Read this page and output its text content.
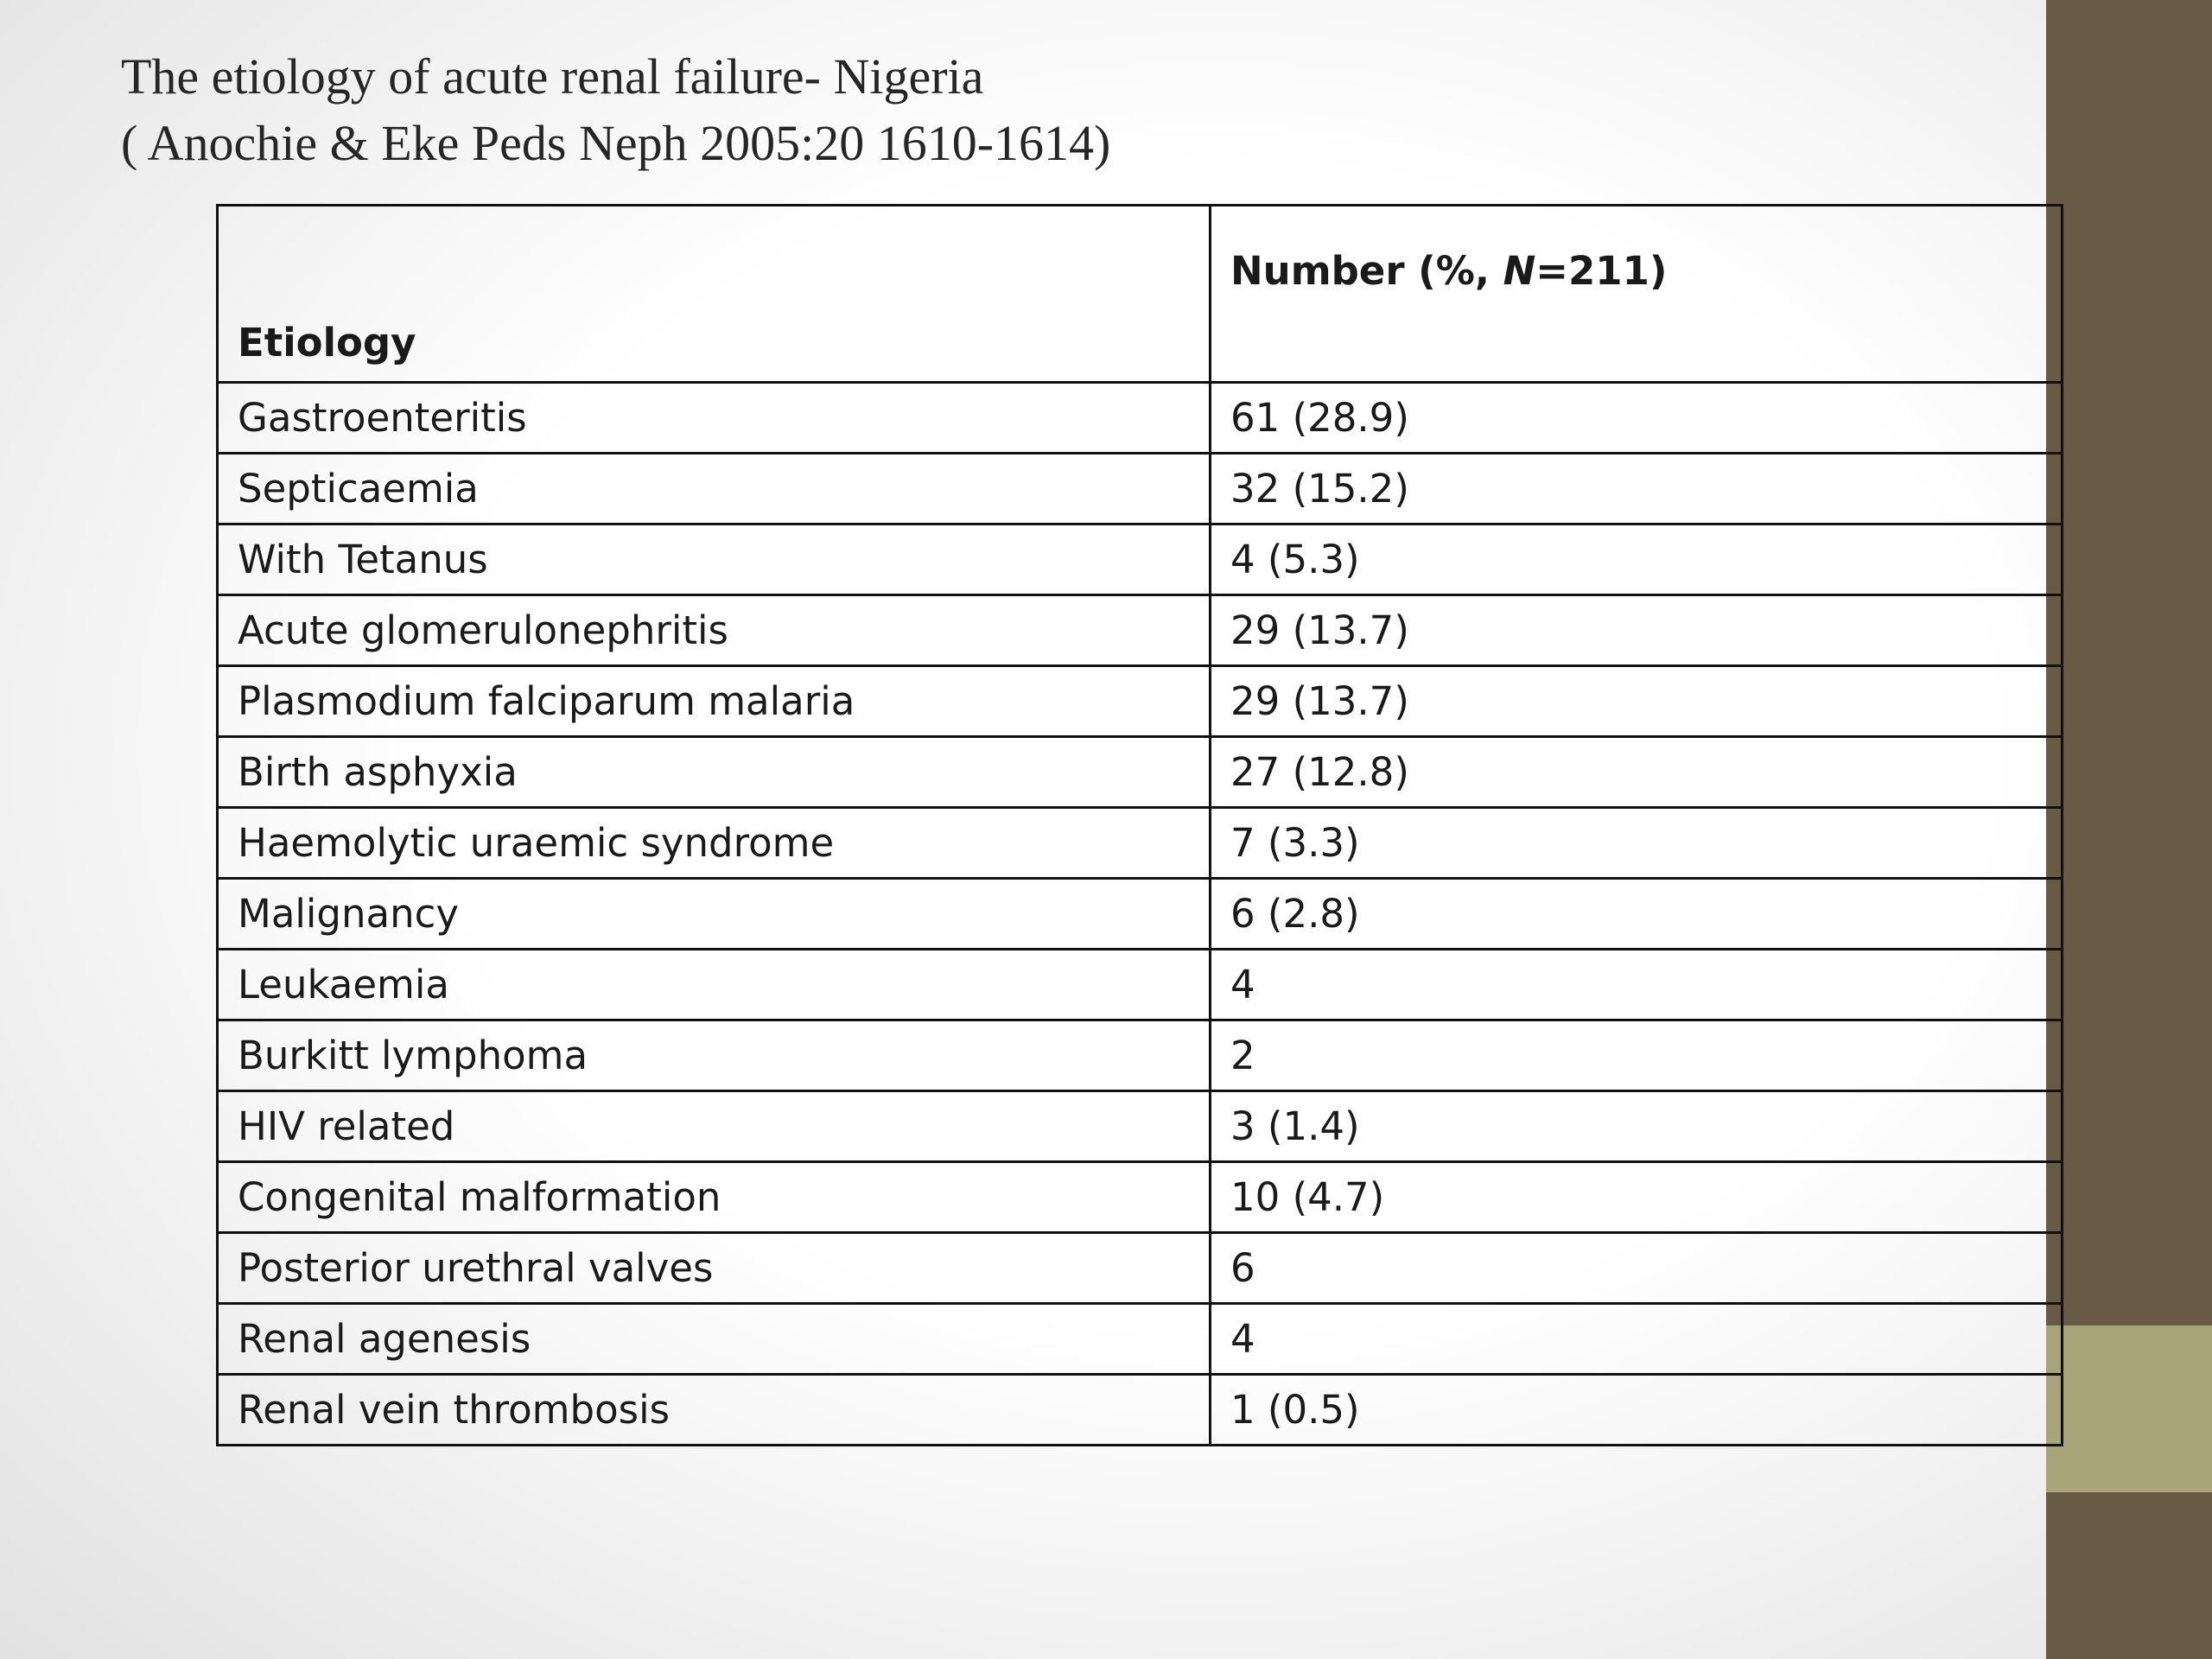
The etiology of acute renal failure- Nigeria
( Anochie & Eke Peds Neph 2005:20 1610-1614)
Etiology	Number (%, N=211)
Gastroenteritis	61 (28.9)
Septicaemia	32 (15.2)
With Tetanus	4 (5.3)
Acute glomerulonephritis	29 (13.7)
Plasmodium falciparum malaria	29 (13.7)
Birth asphyxia	27 (12.8)
Haemolytic uraemic syndrome	7 (3.3)
Malignancy	6 (2.8)
Leukaemia	4
Burkitt lymphoma	2
HIV related	3 (1.4)
Congenital malformation	10 (4.7)
Posterior urethral valves	6
Renal agenesis	4
Renal vein thrombosis	1 (0.5)
